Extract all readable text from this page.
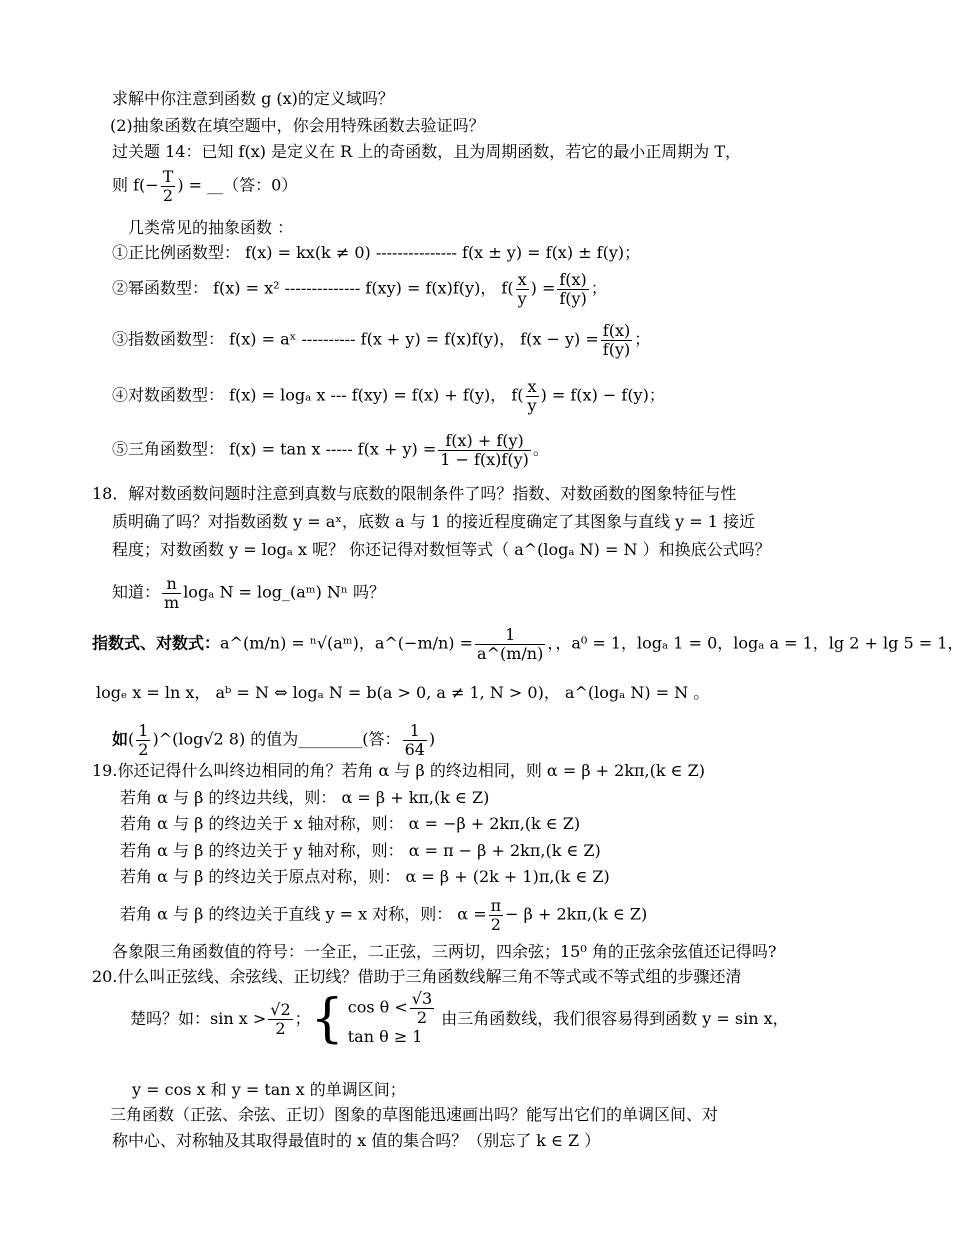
求解中你注意到函数 g (x)的定义域吗？
(2)抽象函数在填空题中，你会用特殊函数去验证吗？
过关题 14：已知 f(x) 是定义在 R 上的奇函数，且为周期函数，若它的最小正周期为 T，
则 $f(- \frac{T}{2}$ ) = __（答：0）
几类常见的抽象函数 ：
①正比例函数型： f(x) = kx(k ≠ 0) --------------- f(x ± y) = f(x) ± f(y)；
②幂函数型： f(x) = x² -------------- f(xy) = f(x)f(y)， $f( \frac{x}{y}$ ) = $\frac{f(x)}{f(y)}$ ；
③指数函数型： f(x) = aˣ ---------- f(x + y) = f(x)f(y)， $f(x - y) = \frac{f(x)}{f(y)}$ ；
④对数函数型： f(x) = logₐ x --- f(xy) = f(x) + f(y)， $f( \frac{x}{y}$ ) = f(x) − f(y)；
⑤三角函数型： f(x) = tan x ----- $f(x + y) = \frac{f(x) + f(y)}{1 - f(x)f(y)}$ 。
18．解对数函数问题时注意到真数与底数的限制条件了吗？指数、对数函数的图象特征与性
质明确了吗？对指数函数 y = aˣ，底数 a 与 1 的接近程度确定了其图象与直线 y = 1 接近
程度；对数函数 y = logₐ x 呢？ 你还记得对数恒等式（ a^(logₐ N) = N ）和换底公式吗？
知道： $\frac{n}{m}$ logₐ N = log_(aᵐ) Nⁿ 吗？
指数式、对数式：a^(m/n) = ⁿ√(aᵐ)，a^(−m/n) = $\frac{1}{a\^{}(m/n)}$ ，，a⁰ = 1，logₐ 1 = 0，logₐ a = 1，lg 2 + lg 5 = 1，
logₑ x = ln x， aᵇ = N ⇔ logₐ N = b(a > 0, a ≠ 1, N > 0)， a^(logₐ N) = N 。
如( $\frac{1}{2}$ )^(log√2 8) 的值为________(答： $\frac{1}{64}$ )
19.你还记得什么叫终边相同的角？若角 α 与 β 的终边相同，则 α = β + 2kπ,(k ∈ Z)
若角 α 与 β 的终边共线，则： α = β + kπ,(k ∈ Z)
若角 α 与 β 的终边关于 x 轴对称，则： α = −β + 2kπ,(k ∈ Z)
若角 α 与 β 的终边关于 y 轴对称，则： α = π − β + 2kπ,(k ∈ Z)
若角 α 与 β 的终边关于原点对称，则： α = β + (2k + 1)π,(k ∈ Z)
若角 α 与 β 的终边关于直线 y = x 对称，则： $\alpha = \frac{\pi}{2} - \beta + 2k\pi,(k$ ∈ Z)
各象限三角函数值的符号：一全正，二正弦，三两切，四余弦；15⁰ 角的正弦余弦值还记得吗?
20.什么叫正弦线、余弦线、正切线？借助于三角函数线解三角不等式或不等式组的步骤还清
楚吗？如：$\sin x > \frac{√2}{2}$ ；{ $\cos \theta < \frac{√3}{2}$
tan θ ≥ 1
由三角函数线，我们很容易得到函数 y = sin x，
y = cos x 和 y = tan x 的单调区间；
三角函数（正弦、余弦、正切）图象的草图能迅速画出吗？能写出它们的单调区间、对
称中心、对称轴及其取得最值时的 x 值的集合吗？（别忘了 k ∈ Z ）
